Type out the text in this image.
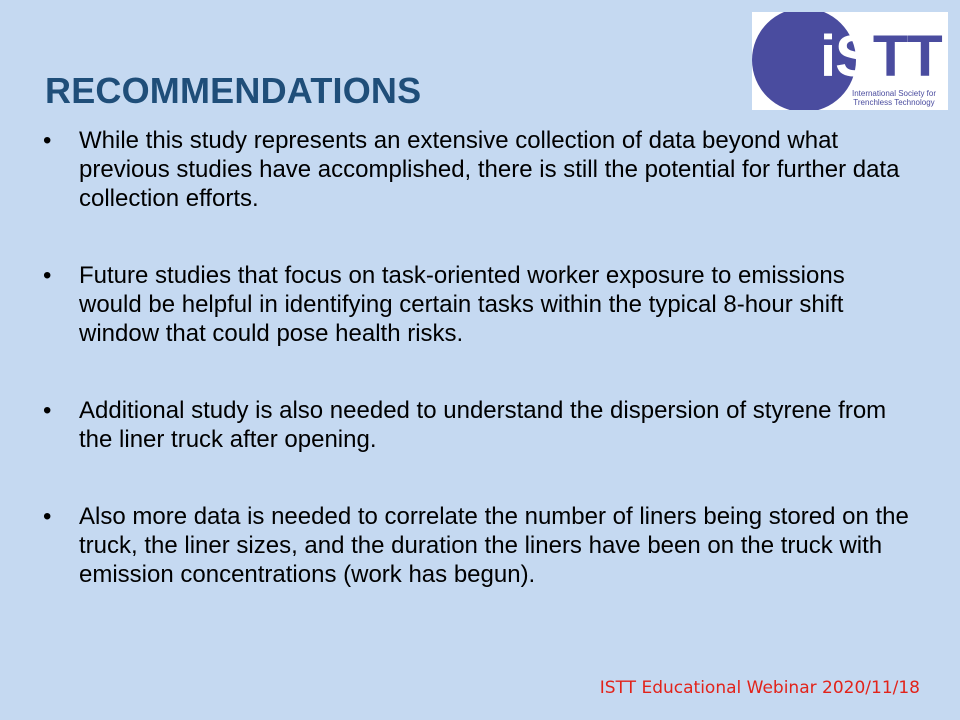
RECOMMENDATIONS
iSTT
International Society for
Trenchless Technology
• While this study represents an extensive collection of data beyond what previous studies have accomplished, there is still the potential for further data collection efforts.
• Future studies that focus on task-oriented worker exposure to emissions would be helpful in identifying certain tasks within the typical 8-hour shift window that could pose health risks.
• Additional study is also needed to understand the dispersion of styrene from the liner truck after opening.
• Also more data is needed to correlate the number of liners being stored on the truck, the liner sizes, and the duration the liners have been on the truck with emission concentrations (work has begun).
ISTT Educational Webinar 2020/11/18
